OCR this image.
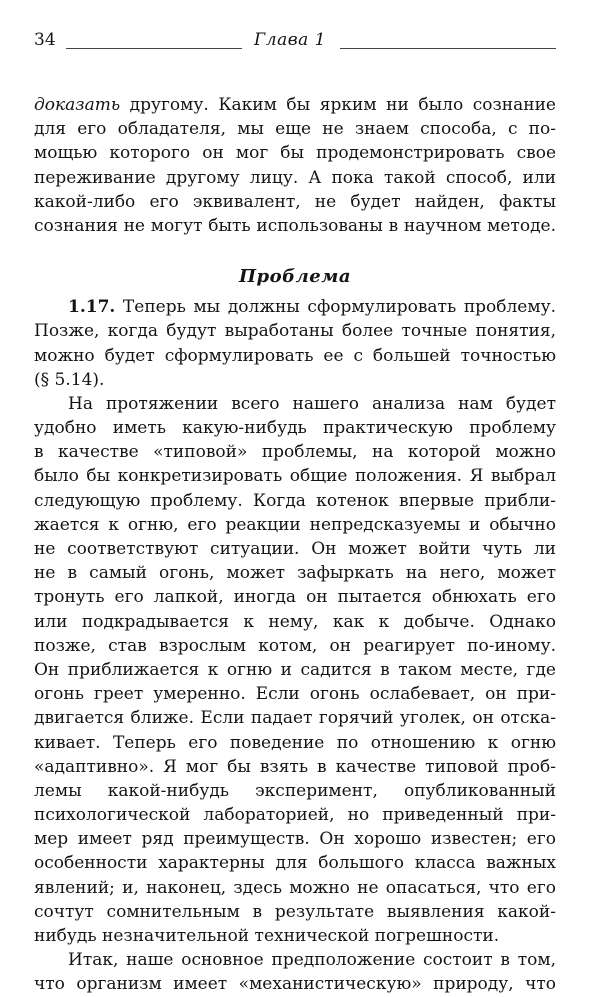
34	Глава 1
доказать другому. Каким бы ярким ни было сознание
для его обладателя, мы еще не знаем способа, с по-
мощью которого он мог бы продемонстрировать свое
переживание другому лицу. А пока такой способ, или
какой-либо его эквивалент, не будет найден, факты
сознания не могут быть использованы в научном методе.
Проблема
1.17. Теперь мы должны сформулировать проблему.
Позже, когда будут выработаны более точные понятия,
можно будет сформулировать ее с большей точностью
(§ 5.14).
На протяжении всего нашего анализа нам будет
удобно иметь какую-нибудь практическую проблему
в качестве «типовой» проблемы, на которой можно
было бы конкретизировать общие положения. Я выбрал
следующую проблему. Когда котенок впервые прибли-
жается к огню, его реакции непредсказуемы и обычно
не соответствуют ситуации. Он может войти чуть ли
не в самый огонь, может зафыркать на него, может
тронуть его лапкой, иногда он пытается обнюхать его
или подкрадывается к нему, как к добыче. Однако
позже, став взрослым котом, он реагирует по-иному.
Он приближается к огню и садится в таком месте, где
огонь греет умеренно. Если огонь ослабевает, он при-
двигается ближе. Если падает горячий уголек, он отска-
кивает. Теперь его поведение по отношению к огню
«адаптивно». Я мог бы взять в качестве типовой проб-
лемы какой-нибудь эксперимент, опубликованный
психологической лабораторией, но приведенный при-
мер имеет ряд преимуществ. Он хорошо известен; его
особенности характерны для большого класса важных
явлений; и, наконец, здесь можно не опасаться, что его
сочтут сомнительным в результате выявления какой-
нибудь незначительной технической погрешности.
Итак, наше основное предположение состоит в том,
что организм имеет «механистическую» природу, что
